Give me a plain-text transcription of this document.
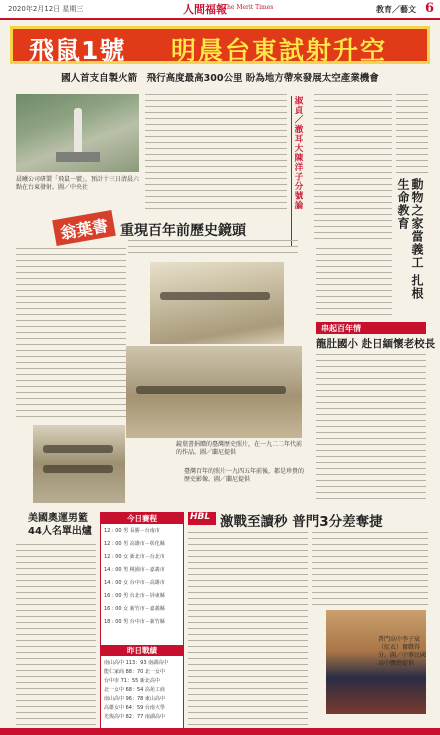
2020年2月12日 星期三	人間福報
The Merit Times	教育／藝文 6
飛鼠1號 明晨台東試射升空
國人首支自製火箭　飛行高度最高300公里 盼為地方帶來發展太空產業機會
晨曦公司研製「飛鼠一號」，預計十三日清晨六點在台東發射。圖／中央社	淑貞／澈耳大陳洋子分號論
翁葉書 重現百年前歷史鏡頭
鏡葉書捐贈的臺灣歷史照片，在一九二二年代前的作品。圖／蘭尼提供
臺灣百年的照片一九四五年前後，都是珍貴的歷史影像。圖／蘭尼提供
動物之家當義工 扎根生命教育
串起百年情
龍肚國小 赴日緬懷老校長
美國奧運男籃
44人名單出爐
今日賽程
12 : 00 男 長勝－台南市
12 : 00 男 高雄市－彰化縣
12 : 00 女 新北市－台北市
14 : 00 男 桃園市－嘉義市
14 : 00 女 台中市－高雄市
16 : 00 男 台北市－屏東縣
16 : 00 女 新竹市－嘉義縣
18 : 00 男 台中市－新竹縣
昨日戰績
南山高中 113：93 南湖高中
能仁家商 88：70 北一女中
台中市 71：55 新北高中
北一女中 68：54 高苑工商
南山高中 96：78 東山高中
高雄女中 64：59 台南大學
光復高中 82：77 南湖高中
HBL 激戰至讀秒 普門3分差奪捷
普門高中李子宸（紅衣）奮戰得分。圖／中華民國高中體總提供
